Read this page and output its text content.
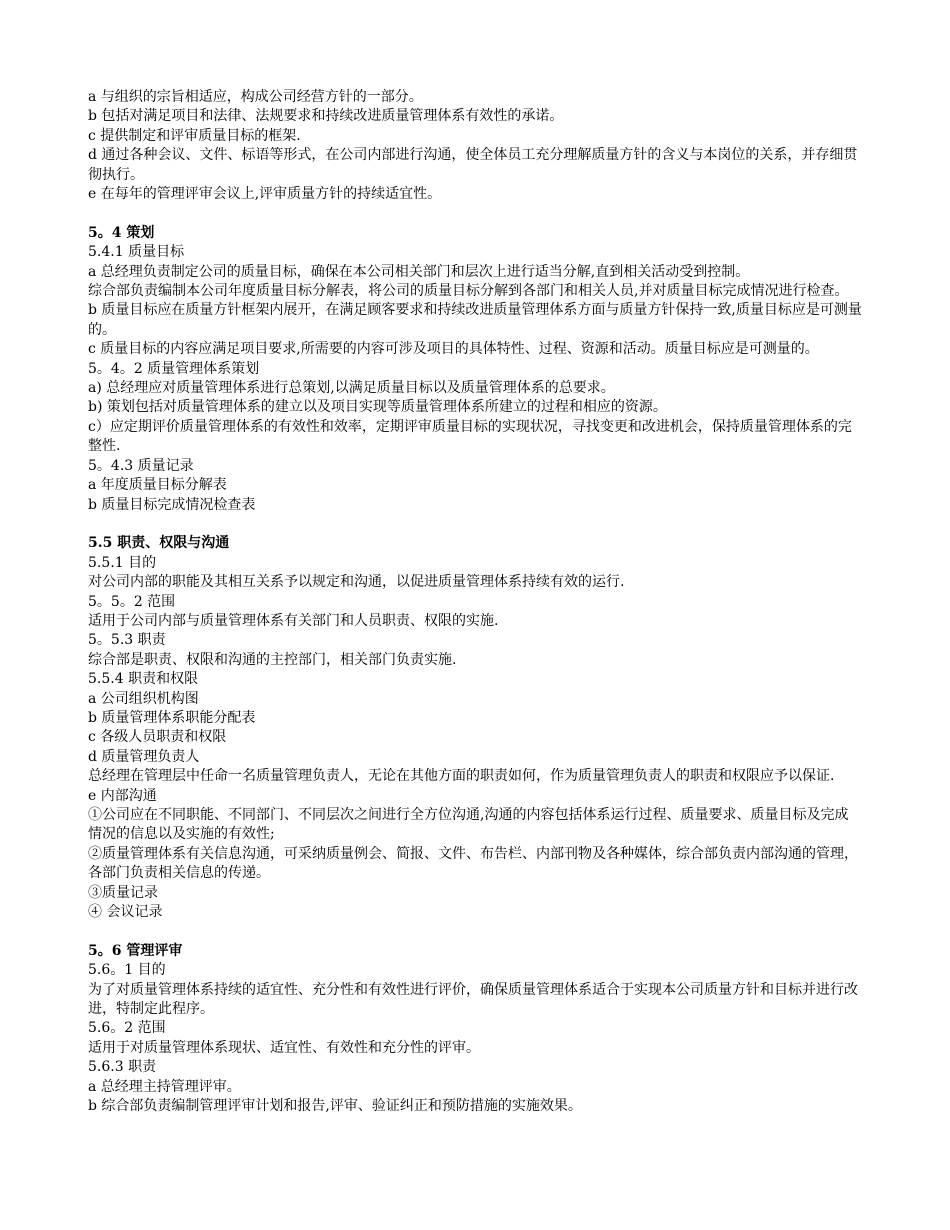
a 与组织的宗旨相适应，构成公司经营方针的一部分。
b 包括对满足项目和法律、法规要求和持续改进质量管理体系有效性的承诺。
c 提供制定和评审质量目标的框架.
d 通过各种会议、文件、标语等形式，在公司内部进行沟通，使全体员工充分理解质量方针的含义与本岗位的关系，并存细贯彻执行。
e 在每年的管理评审会议上,评审质量方针的持续适宜性。
5。4 策划
5.4.1 质量目标
a 总经理负责制定公司的质量目标，确保在本公司相关部门和层次上进行适当分解,直到相关活动受到控制。
综合部负责编制本公司年度质量目标分解表，将公司的质量目标分解到各部门和相关人员,并对质量目标完成情况进行检查。
b 质量目标应在质量方针框架内展开，在满足顾客要求和持续改进质量管理体系方面与质量方针保持一致,质量目标应是可测量的。
c 质量目标的内容应满足项目要求,所需要的内容可涉及项目的具体特性、过程、资源和活动。质量目标应是可测量的。
5。4。2 质量管理体系策划
a) 总经理应对质量管理体系进行总策划,以满足质量目标以及质量管理体系的总要求。
b) 策划包括对质量管理体系的建立以及项目实现等质量管理体系所建立的过程和相应的资源。
c）应定期评价质量管理体系的有效性和效率，定期评审质量目标的实现状况，寻找变更和改进机会，保持质量管理体系的完整性.
5。4.3 质量记录
a 年度质量目标分解表
b 质量目标完成情况检查表
5.5 职责、权限与沟通
5.5.1 目的
对公司内部的职能及其相互关系予以规定和沟通，以促进质量管理体系持续有效的运行.
5。5。2 范围
适用于公司内部与质量管理体系有关部门和人员职责、权限的实施.
5。5.3 职责
综合部是职责、权限和沟通的主控部门，相关部门负责实施.
5.5.4 职责和权限
a 公司组织机构图
b 质量管理体系职能分配表
c 各级人员职责和权限
d 质量管理负责人
总经理在管理层中任命一名质量管理负责人，无论在其他方面的职责如何，作为质量管理负责人的职责和权限应予以保证.
e 内部沟通
①公司应在不同职能、不同部门、不同层次之间进行全方位沟通,沟通的内容包括体系运行过程、质量要求、质量目标及完成情况的信息以及实施的有效性;
②质量管理体系有关信息沟通，可采纳质量例会、简报、文件、布告栏、内部刊物及各种媒体，综合部负责内部沟通的管理，各部门负责相关信息的传递。
③质量记录
④ 会议记录
5。6 管理评审
5.6。1 目的
为了对质量管理体系持续的适宜性、充分性和有效性进行评价，确保质量管理体系适合于实现本公司质量方针和目标并进行改进，特制定此程序。
5.6。2 范围
适用于对质量管理体系现状、适宜性、有效性和充分性的评审。
5.6.3 职责
a 总经理主持管理评审。
b 综合部负责编制管理评审计划和报告,评审、验证纠正和预防措施的实施效果。
